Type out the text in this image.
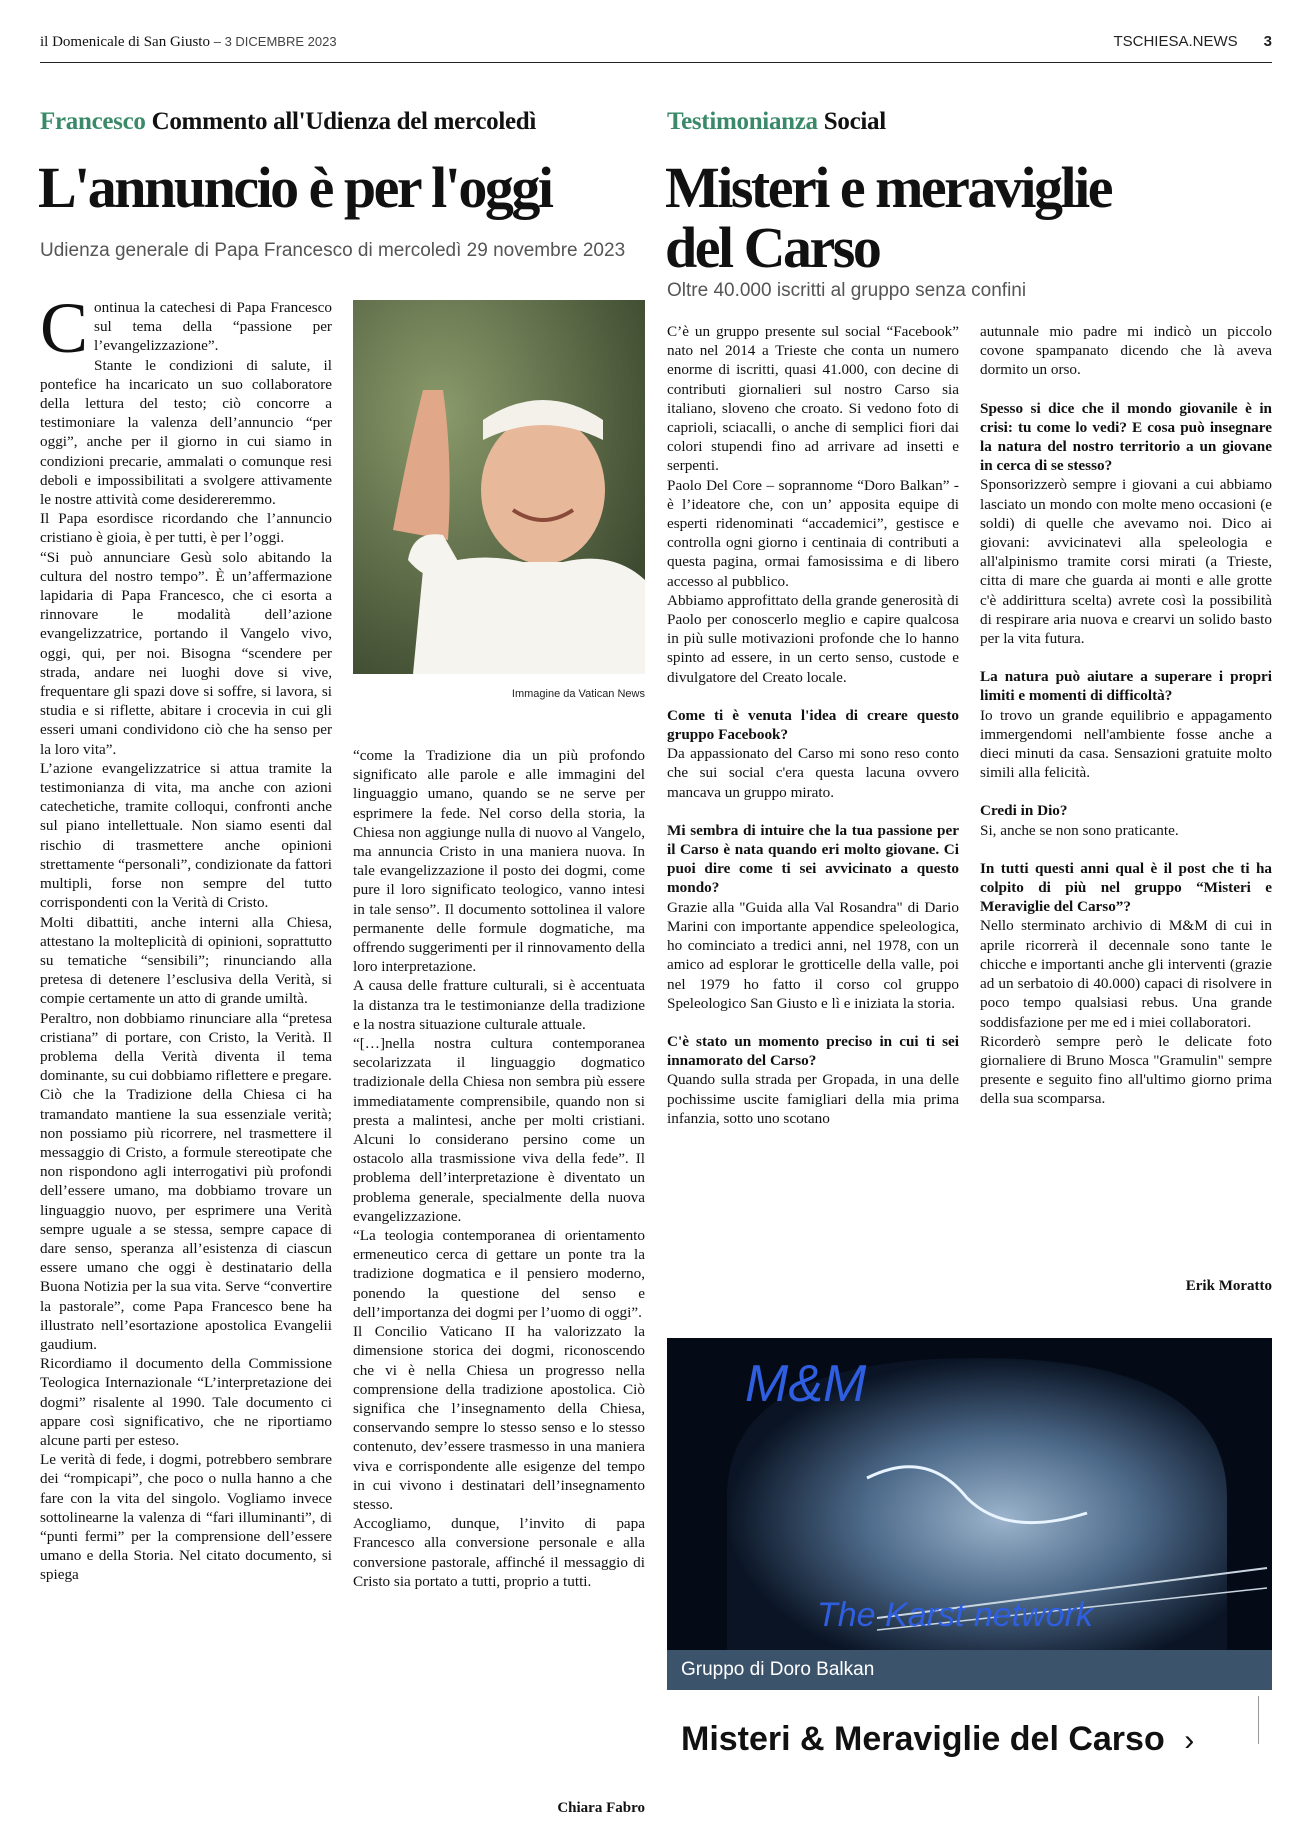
il Domenicale di San Giusto – 3 DICEMBRE 2023	TSCHIESA.NEWS 3
Francesco Commento all'Udienza del mercoledì
L'annuncio è per l'oggi
Udienza generale di Papa Francesco di mercoledì 29 novembre 2023
Immagine da Vatican News
C ontinua la catechesi di Papa Francesco sul tema della “passione per l’evangelizzazione”.

Stante le condizioni di salute, il pontefice ha incaricato un suo collaboratore della lettura del testo; ciò concorre a testimoniare la valenza dell’annuncio “per oggi”, anche per il giorno in cui siamo in condizioni precarie, ammalati o comunque resi deboli e impossibilitati a svolgere attivamente le nostre attività come desidereremmo.

Il Papa esordisce ricordando che l’annuncio cristiano è gioia, è per tutti, è per l’oggi.

“Si può annunciare Gesù solo abitando la cultura del nostro tempo”. È un’affermazione lapidaria di Papa Francesco, che ci esorta a rinnovare le modalità dell’azione evangelizzatrice, portando il Vangelo vivo, oggi, qui, per noi. Bisogna “scendere per strada, andare nei luoghi dove si vive, frequentare gli spazi dove si soffre, si lavora, si studia e si riflette, abitare i crocevia in cui gli esseri umani condividono ciò che ha senso per la loro vita”.

L’azione evangelizzatrice si attua tramite la testimonianza di vita, ma anche con azioni catechetiche, tramite colloqui, confronti anche sul piano intellettuale. Non siamo esenti dal rischio di trasmettere anche opinioni strettamente “personali”, condizionate da fattori multipli, forse non sempre del tutto corrispondenti con la Verità di Cristo.

Molti dibattiti, anche interni alla Chiesa, attestano la molteplicità di opinioni, soprattutto su tematiche “sensibili”; rinunciando alla pretesa di detenere l’esclusiva della Verità, si compie certamente un atto di grande umiltà.

Peraltro, non dobbiamo rinunciare alla “pretesa cristiana” di portare, con Cristo, la Verità. Il problema della Verità diventa il tema dominante, su cui dobbiamo riflettere e pregare.

Ciò che la Tradizione della Chiesa ci ha tramandato mantiene la sua essenziale verità; non possiamo più ricorrere, nel trasmettere il messaggio di Cristo, a formule stereotipate che non rispondono agli interrogativi più profondi dell’essere umano, ma dobbiamo trovare un linguaggio nuovo, per esprimere una Verità sempre uguale a se stessa, sempre capace di dare senso, speranza all’esistenza di ciascun essere umano che oggi è destinatario della Buona Notizia per la sua vita. Serve “convertire la pastorale”, come Papa Francesco bene ha illustrato nell’esortazione apostolica Evangelii gaudium.

Ricordiamo il documento della Commissione Teologica Internazionale “L’interpretazione dei dogmi” risalente al 1990. Tale documento ci appare così significativo, che ne riportiamo alcune parti per esteso.

Le verità di fede, i dogmi, potrebbero sembrare dei “rompicapi”, che poco o nulla hanno a che fare con la vita del singolo. Vogliamo invece sottolinearne la valenza di “fari illuminanti”, di “punti fermi” per la comprensione dell’essere umano e della Storia. Nel citato documento, si spiega

“come la Tradizione dia un più profondo significato alle parole e alle immagini del linguaggio umano, quando se ne serve per esprimere la fede. Nel corso della storia, la Chiesa non aggiunge nulla di nuovo al Vangelo, ma annuncia Cristo in una maniera nuova. In tale evangelizzazione il posto dei dogmi, come pure il loro significato teologico, vanno intesi in tale senso”. Il documento sottolinea il valore permanente delle formule dogmatiche, ma offrendo suggerimenti per il rinnovamento della loro interpretazione.

A causa delle fratture culturali, si è accentuata la distanza tra le testimonianze della tradizione e la nostra situazione culturale attuale.

“[…]nella nostra cultura contemporanea secolarizzata il linguaggio dogmatico tradizionale della Chiesa non sembra più essere immediatamente comprensibile, quando non si presta a malintesi, anche per molti cristiani. Alcuni lo considerano persino come un ostacolo alla trasmissione viva della fede”. Il problema dell’interpretazione è diventato un problema generale, specialmente della nuova evangelizzazione.

“La teologia contemporanea di orientamento ermeneutico cerca di gettare un ponte tra la tradizione dogmatica e il pensiero moderno, ponendo la questione del senso e dell’importanza dei dogmi per l’uomo di oggi”.

Il Concilio Vaticano II ha valorizzato la dimensione storica dei dogmi, riconoscendo che vi è nella Chiesa un progresso nella comprensione della tradizione apostolica. Ciò significa che l’insegnamento della Chiesa, conservando sempre lo stesso senso e lo stesso contenuto, dev’essere trasmesso in una maniera viva e corrispondente alle esigenze del tempo in cui vivono i destinatari dell’insegnamento stesso.

Accogliamo, dunque, l’invito di papa Francesco alla conversione personale e alla conversione pastorale, affinché il messaggio di Cristo sia portato a tutti, proprio a tutti.

Chiara Fabro
Testimonianza Social
Misteri e meraviglie
del Carso
Oltre 40.000 iscritti al gruppo senza confini

C’è un gruppo presente sul social “Facebook” nato nel 2014 a Trieste che conta un numero enorme di iscritti, quasi 41.000, con decine di contributi giornalieri sul nostro Carso sia italiano, sloveno che croato. Si vedono foto di caprioli, sciacalli, o anche di semplici fiori dai colori stupendi fino ad arrivare ad insetti e serpenti.

Paolo Del Core – soprannome “Doro Balkan” - è l’ideatore che, con un’ apposita equipe di esperti ridenominati “accademici”, gestisce e controlla ogni giorno i centinaia di contributi a questa pagina, ormai famosissima e di libero accesso al pubblico.

Abbiamo approfittato della grande generosità di Paolo per conoscerlo meglio e capire qualcosa in più sulle motivazioni profonde che lo hanno spinto ad essere, in un certo senso, custode e divulgatore del Creato locale.

Come ti è venuta l'idea di creare questo gruppo Facebook?

Da appassionato del Carso mi sono reso conto che sui social c'era questa lacuna ovvero mancava un gruppo mirato.

Mi sembra di intuire che la tua passione per il Carso è nata quando eri molto giovane. Ci puoi dire come ti sei avvicinato a questo mondo?

Grazie alla "Guida alla Val Rosandra" di Dario Marini con importante appendice speleologica, ho cominciato a tredici anni, nel 1978, con un amico ad esplorar le grotticelle della valle, poi nel 1979 ho fatto il corso col gruppo Speleologico San Giusto e lì e iniziata la storia.

C'è stato un momento preciso in cui ti sei innamorato del Carso?

Quando sulla strada per Gropada, in una delle pochissime uscite famigliari della mia prima infanzia, sotto uno scotano

autunnale mio padre mi indicò un piccolo covone spampanato dicendo che là aveva dormito un orso.

Spesso si dice che il mondo giovanile è in crisi: tu come lo vedi? E cosa può insegnare la natura del nostro territorio a un giovane in cerca di se stesso?

Sponsorizzerò sempre i giovani a cui abbiamo lasciato un mondo con molte meno occasioni (e soldi) di quelle che avevamo noi. Dico ai giovani: avvicinatevi alla speleologia e all'alpinismo tramite corsi mirati (a Trieste, citta di mare che guarda ai monti e alle grotte c'è addirittura scelta) avrete così la possibilità di respirare aria nuova e crearvi un solido basto per la vita futura.

La natura può aiutare a superare i propri limiti e momenti di difficoltà?

Io trovo un grande equilibrio e appagamento immergendomi nell'ambiente fosse anche a dieci minuti da casa. Sensazioni gratuite molto simili alla felicità.

Credi in Dio?

Si, anche se non sono praticante.

In tutti questi anni qual è il post che ti ha colpito di più nel gruppo “Misteri e Meraviglie del Carso”?

Nello sterminato archivio di M&M di cui in aprile ricorrerà il decennale sono tante le chicche e importanti anche gli interventi (grazie ad un serbatoio di 40.000) capaci di risolvere in poco tempo qualsiasi rebus. Una grande soddisfazione per me ed i miei collaboratori.

Ricorderò sempre però le delicate foto giornaliere di Bruno Mosca "Gramulin" sempre presente e seguito fino all'ultimo giorno prima della sua scomparsa.

Erik Moratto
M&M
The Karst network
Gruppo di Doro Balkan
Misteri & Meraviglie del Carso ›
